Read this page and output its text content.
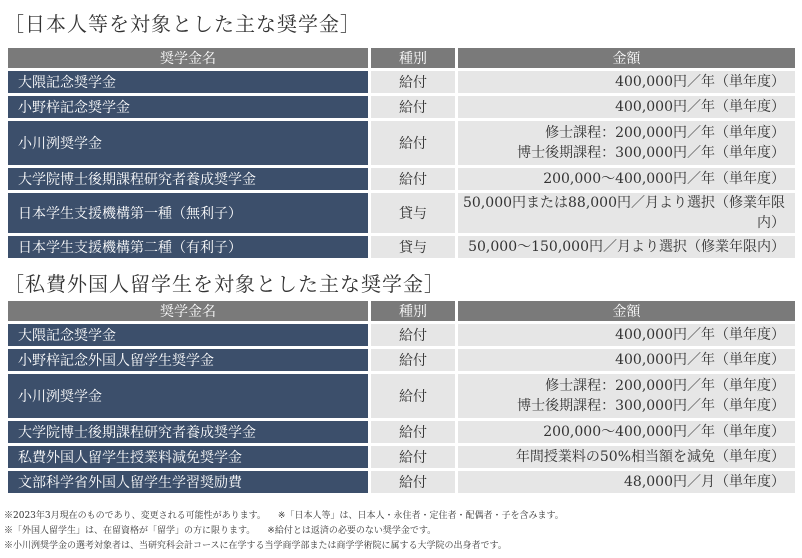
［日本人等を対象とした主な奨学金］
奨学金名	種別	金額
大隈記念奨学金	給付	400,000円／年（単年度）

小野梓記念奨学金	給付	400,000円／年（単年度）

小川洌奨学金	給付	修士課程：200,000円／年（単年度）
博士後期課程：300,000円／年（単年度）

大学院博士後期課程研究者養成奨学金	給付	200,000～400,000円／年（単年度）

日本学生支援機構第一種（無利子）	貸与	50,000円または88,000円／月より選択（修業年限内）

日本学生支援機構第二種（有利子）	貸与	50,000～150,000円／月より選択（修業年限内）
［私費外国人留学生を対象とした主な奨学金］
奨学金名	種別	金額
大隈記念奨学金	給付	400,000円／年（単年度）

小野梓記念外国人留学生奨学金	給付	400,000円／年（単年度）

小川洌奨学金	給付	修士課程：200,000円／年（単年度）
博士後期課程：300,000円／年（単年度）

大学院博士後期課程研究者養成奨学金	給付	200,000～400,000円／年（単年度）

私費外国人留学生授業料減免奨学金	給付	年間授業料の50%相当額を減免（単年度）

文部科学省外国人留学生学習奨励費	給付	48,000円／月（単年度）
※2023年3月現在のものであり、変更される可能性があります。 ※「日本人等」は、日本人・永住者・定住者・配偶者・子を含みます。
※「外国人留学生」は、在留資格が「留学」の方に限ります。 ※給付とは返済の必要のない奨学金です。
※小川洌奨学金の選考対象者は、当研究科会計コースに在学する当学商学部または商学学術院に属する大学院の出身者です。
